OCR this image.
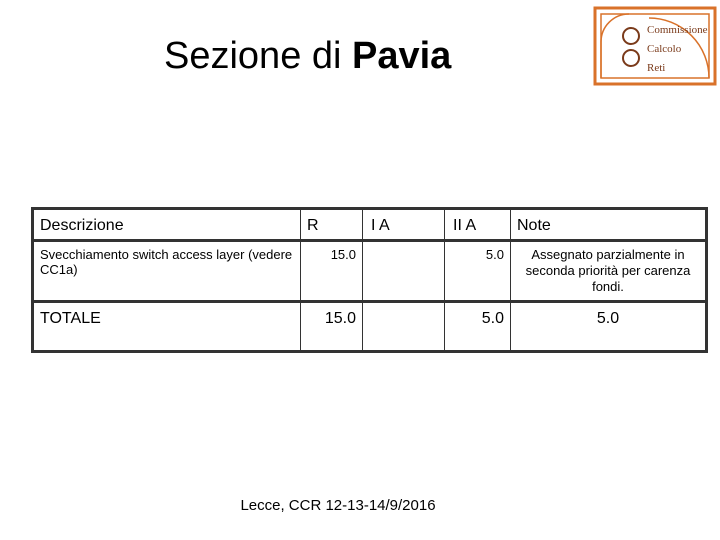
Sezione di Pavia
Commissione
Calcolo
Reti
Descrizione	R	I A	II A	Note
Svecchiamento switch access layer (vedere CC1a)	15.0		5.0	Assegnato parzialmente in seconda priorità per carenza fondi.
TOTALE	15.0		5.0	5.0
Lecce, CCR 12-13-14/9/2016
